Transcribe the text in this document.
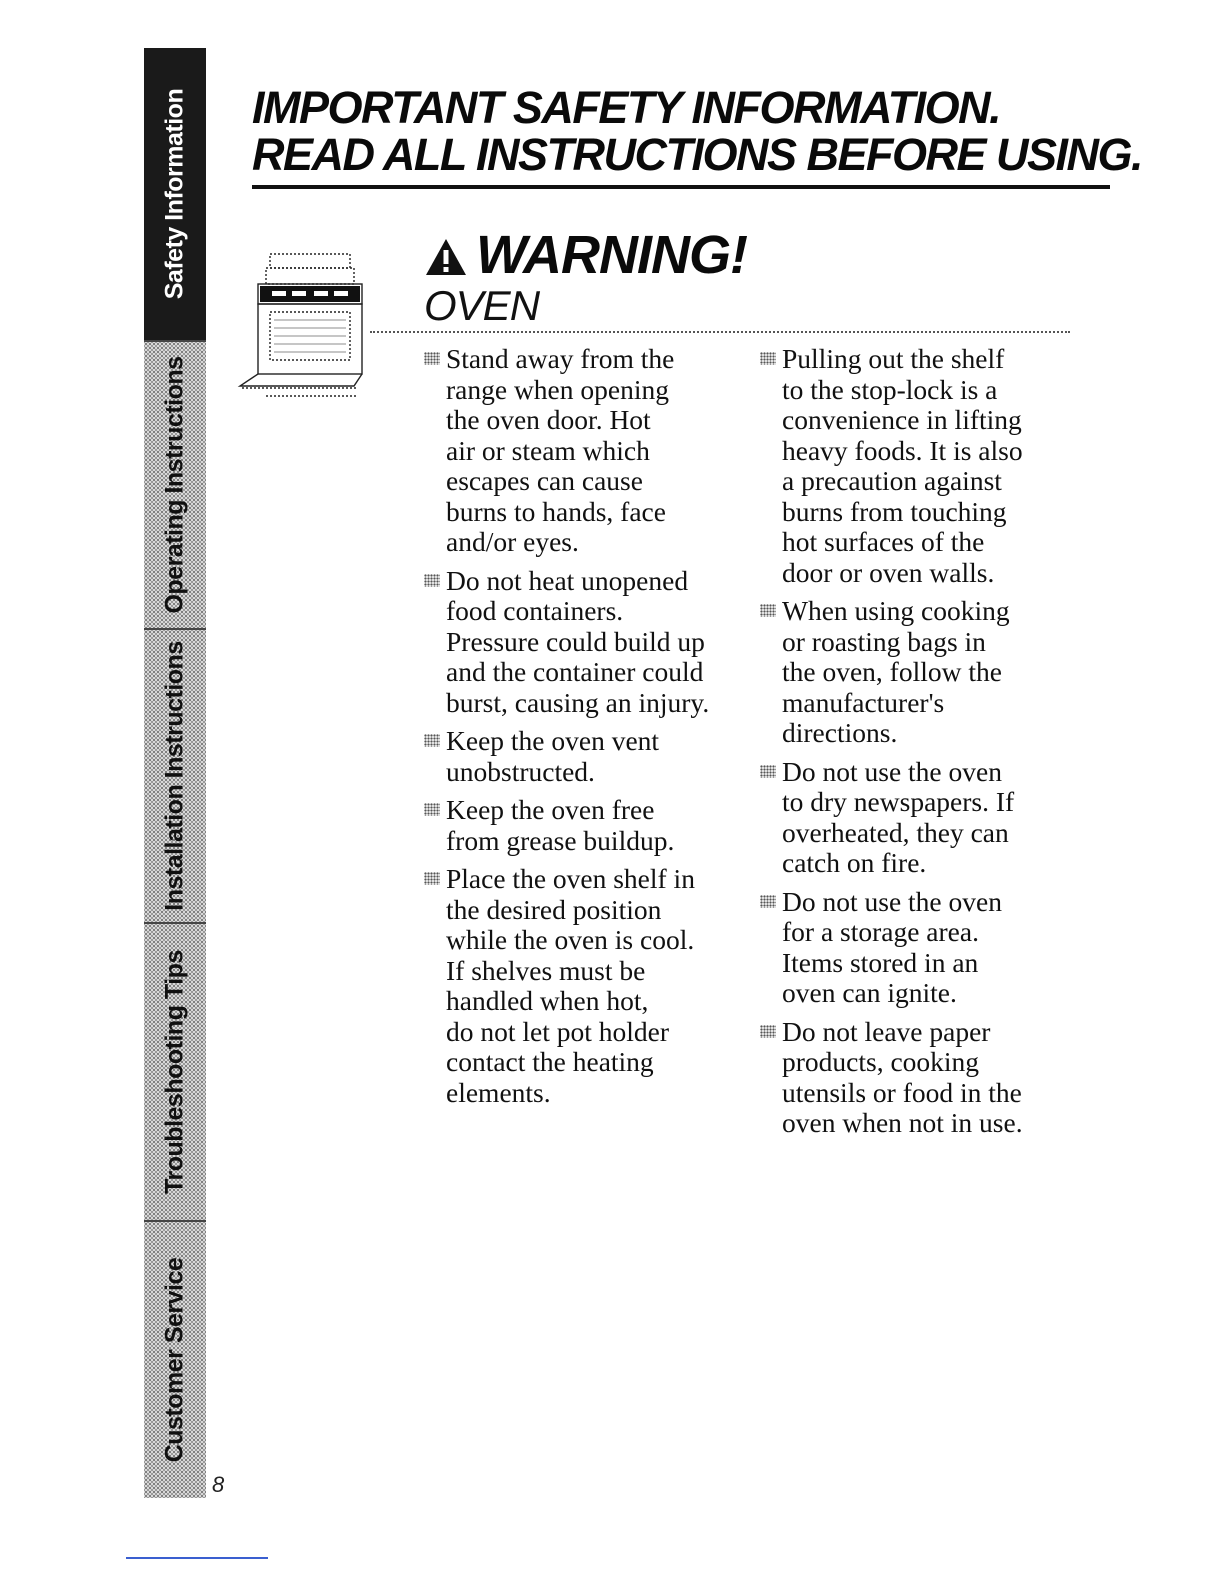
Safety Information
Operating Instructions
Installation Instructions
Troubleshooting Tips
Customer Service
IMPORTANT SAFETY INFORMATION.
READ ALL INSTRUCTIONS BEFORE USING.
WARNING!
OVEN
Stand away from the
range when opening
the oven door. Hot
air or steam which
escapes can cause
burns to hands, face
and/or eyes.
Do not heat unopened
food containers.
Pressure could build up
and the container could
burst, causing an injury.
Keep the oven vent
unobstructed.
Keep the oven free
from grease buildup.
Place the oven shelf in
the desired position
while the oven is cool.
If shelves must be
handled when hot,
do not let pot holder
contact the heating
elements.
Pulling out the shelf
to the stop-lock is a
convenience in lifting
heavy foods. It is also
a precaution against
burns from touching
hot surfaces of the
door or oven walls.
When using cooking
or roasting bags in
the oven, follow the
manufacturer's
directions.
Do not use the oven
to dry newspapers. If
overheated, they can
catch on fire.
Do not use the oven
for a storage area.
Items stored in an
oven can ignite.
Do not leave paper
products, cooking
utensils or food in the
oven when not in use.
8
